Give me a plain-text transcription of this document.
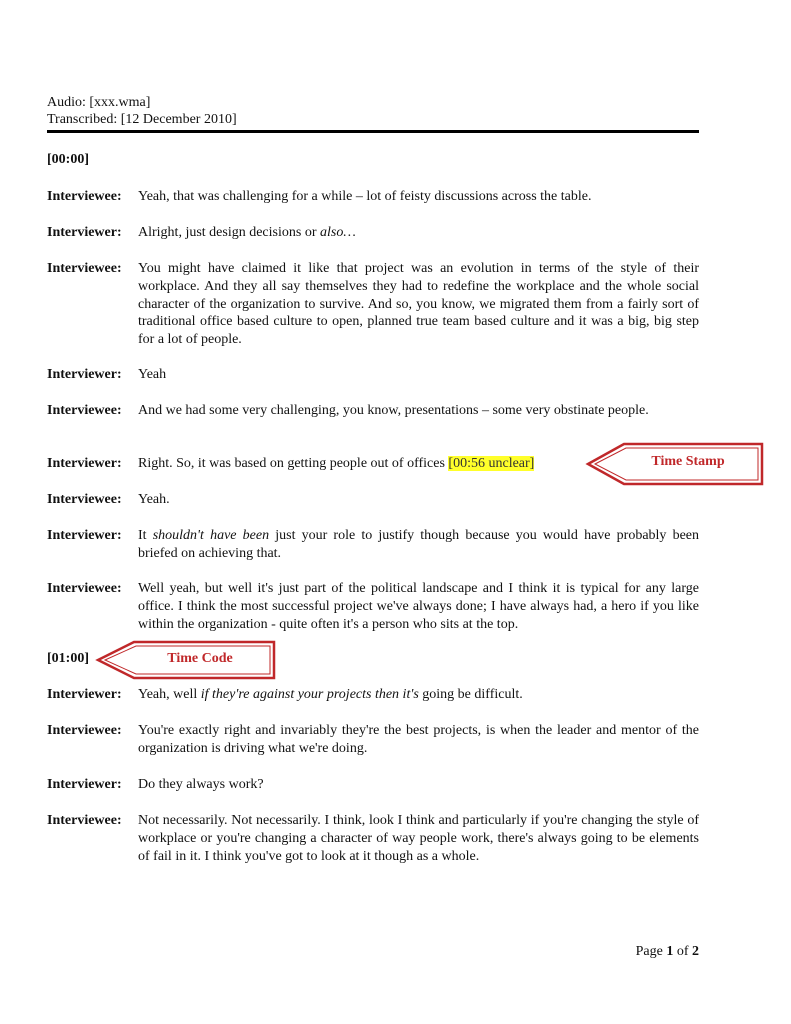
Audio: [xxx.wma]
Transcribed: [12 December 2010]
[00:00]
Interviewee:	Yeah, that was challenging for a while – lot of feisty discussions across the table.
Interviewer:	Alright, just design decisions or also…
Interviewee:	You might have claimed it like that project was an evolution in terms of the style of their workplace. And they all say themselves they had to redefine the workplace and the whole social character of the organization to survive. And so, you know, we migrated them from a fairly sort of traditional office based culture to open, planned true team based culture and it was a big, big step for a lot of people.
Interviewer:	Yeah
Interviewee:	And we had some very challenging, you know, presentations – some very obstinate people.
Interviewer:	Right. So, it was based on getting people out of offices [00:56 unclear]
Interviewee:	Yeah.
Interviewer:	It shouldn't have been just your role to justify though because you would have probably been briefed on achieving that.
Interviewee:	Well yeah, but well it's just part of the political landscape and I think it is typical for any large office. I think the most successful project we've always done; I have always had, a hero if you like within the organization - quite often it's a person who sits at the top.
[01:00]
Interviewer:	Yeah, well if they're against your projects then it's going be difficult.
Interviewee:	You're exactly right and invariably they're the best projects, is when the leader and mentor of the organization is driving what we're doing.
Interviewer:	Do they always work?
Interviewee:	Not necessarily. Not necessarily. I think, look I think and particularly if you're changing the style of workplace or you're changing a character of way people work, there's always going to be elements of fail in it. I think you've got to look at it though as a whole.
Time Stamp
Time Code
Page 1 of 2
